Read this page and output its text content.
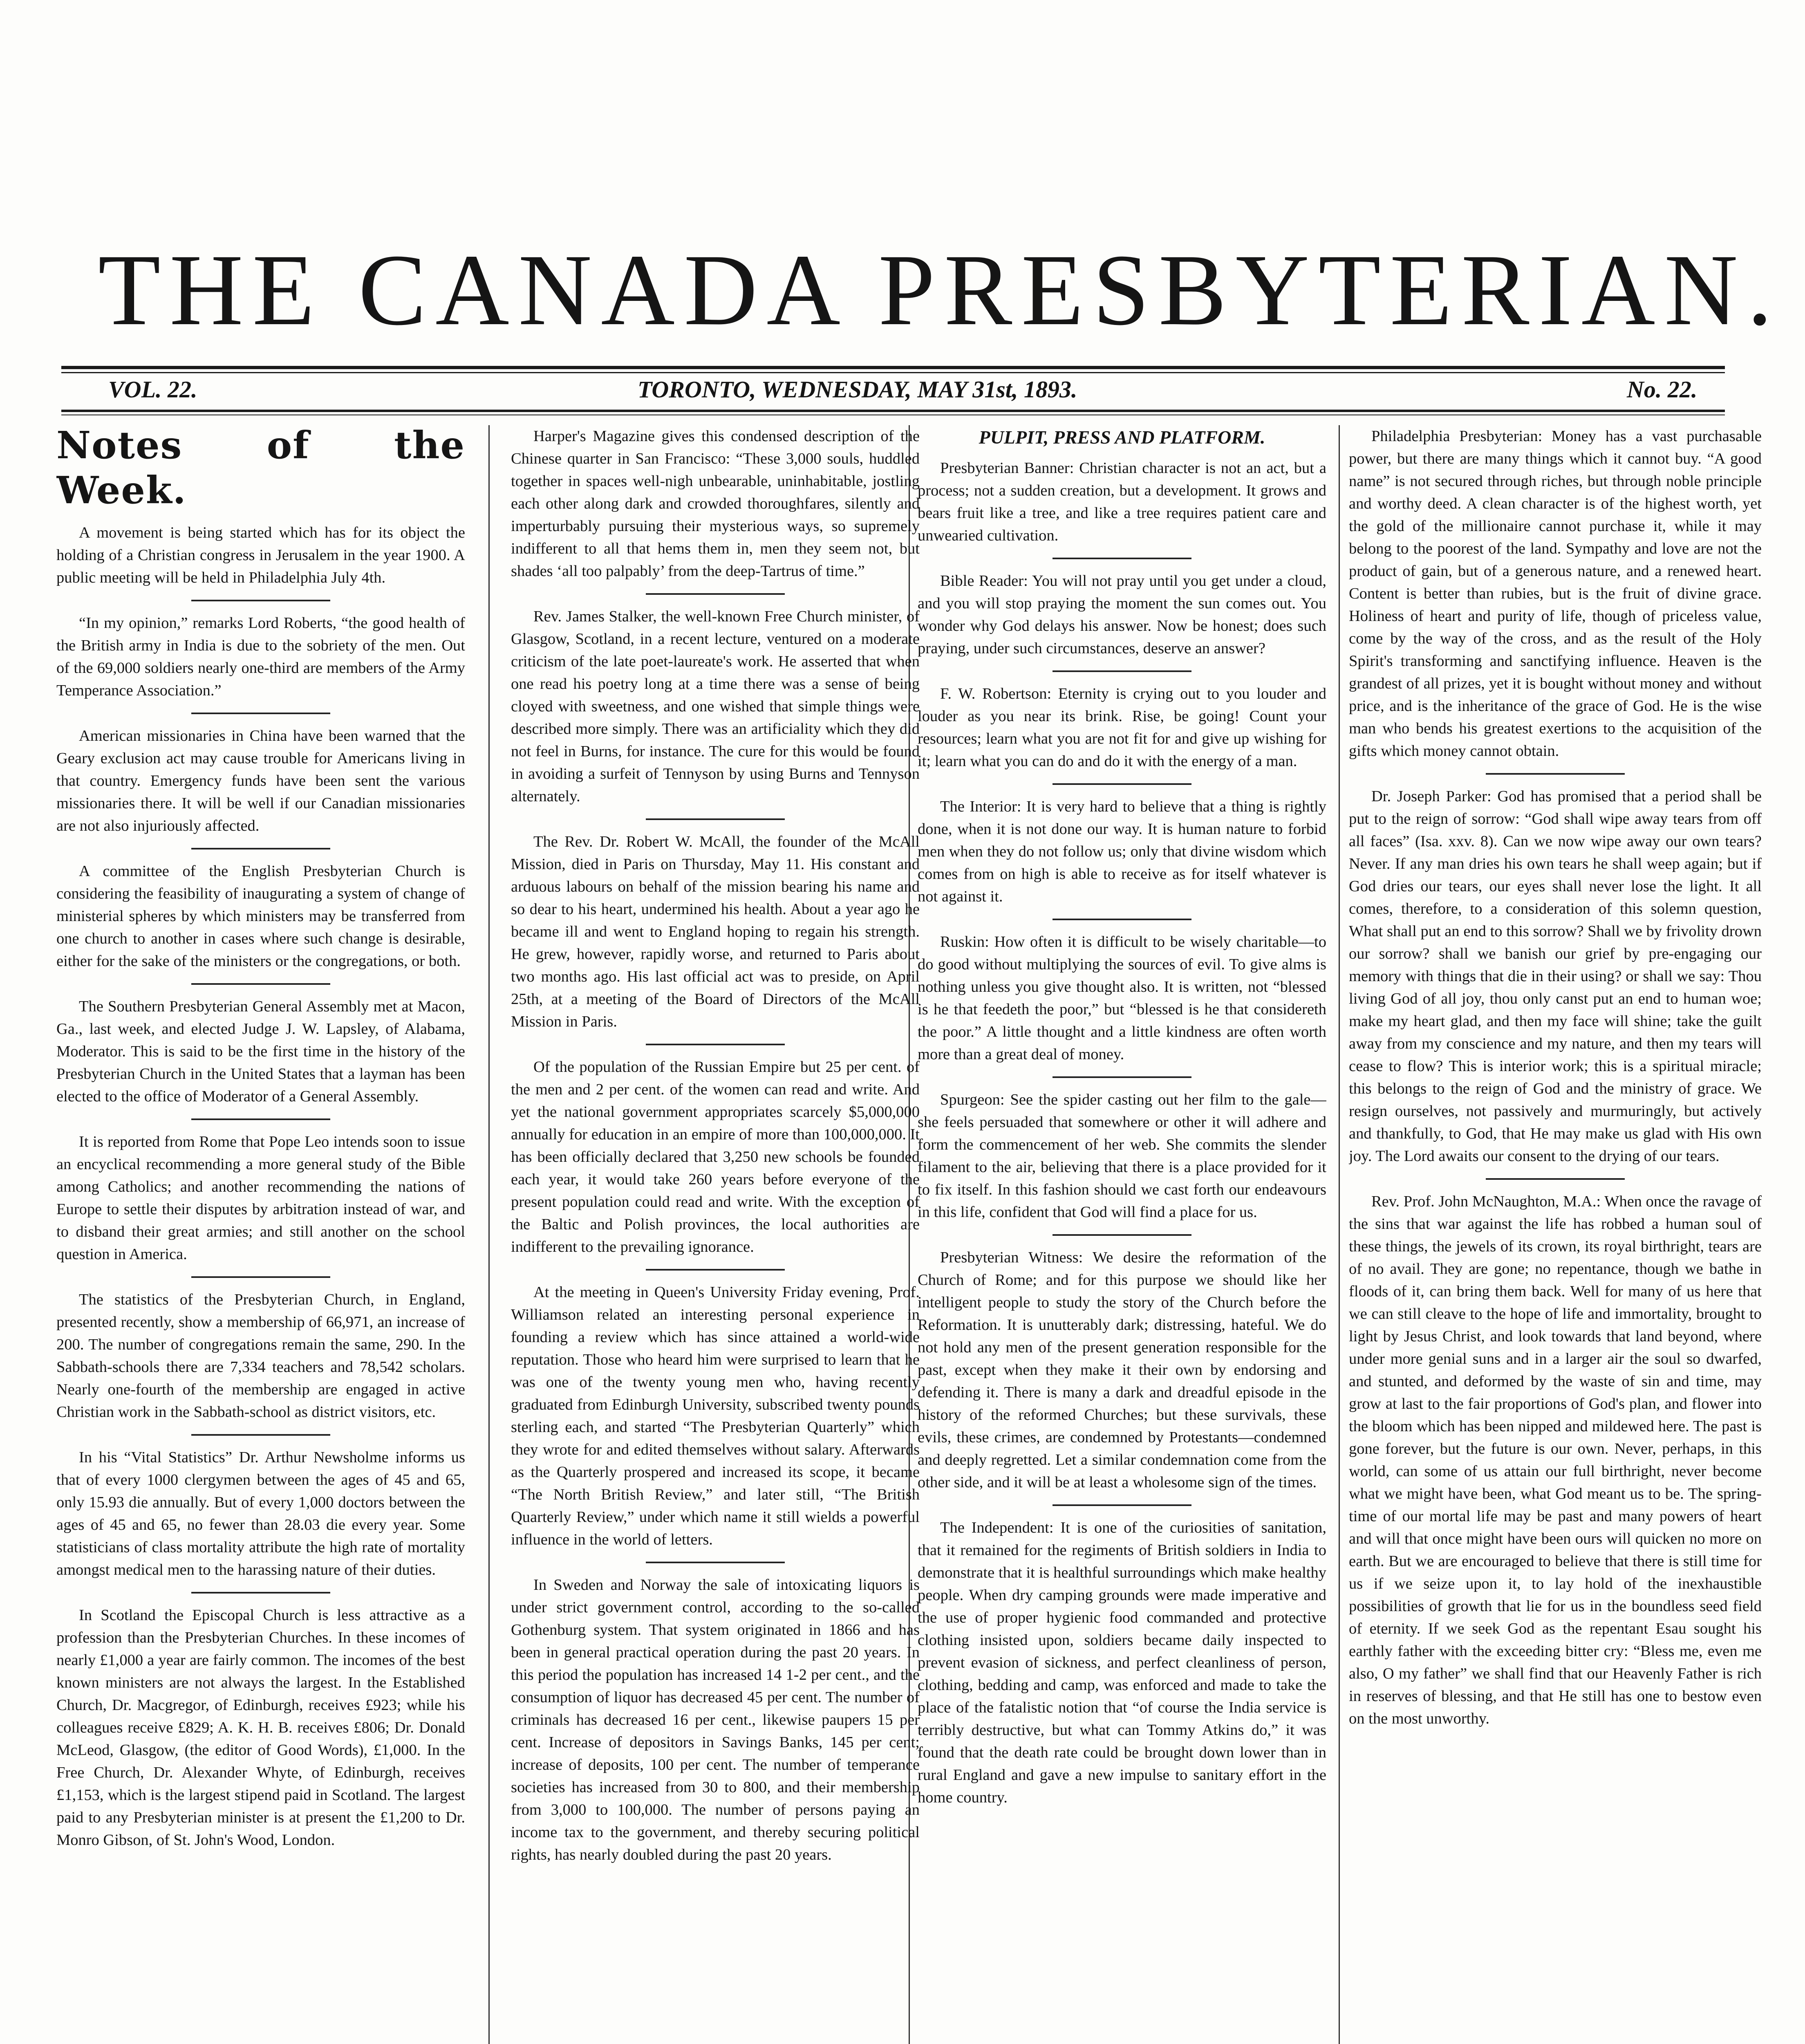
THE CANADA PRESBYTERIAN.
VOL. 22.	TORONTO, WEDNESDAY, MAY 31st, 1893.	No. 22.

Notes of the Week.

A movement is being started which has for its object the holding of a Christian congress in Jerusalem in the year 1900. A public meeting will be held in Philadelphia July 4th.

“In my opinion,” remarks Lord Roberts, “the good health of the British army in India is due to the sobriety of the men. Out of the 69,000 soldiers nearly one-third are members of the Army Temperance Association.”

American missionaries in China have been warned that the Geary exclusion act may cause trouble for Americans living in that country. Emergency funds have been sent the various missionaries there. It will be well if our Canadian missionaries are not also injuriously affected.

A committee of the English Presbyterian Church is considering the feasibility of inaugurating a system of change of ministerial spheres by which ministers may be transferred from one church to another in cases where such change is desirable, either for the sake of the ministers or the congregations, or both.

The Southern Presbyterian General Assembly met at Macon, Ga., last week, and elected Judge J. W. Lapsley, of Alabama, Moderator. This is said to be the first time in the history of the Presbyterian Church in the United States that a layman has been elected to the office of Moderator of a General Assembly.

It is reported from Rome that Pope Leo intends soon to issue an encyclical recommending a more general study of the Bible among Catholics; and another recommending the nations of Europe to settle their disputes by arbitration instead of war, and to disband their great armies; and still another on the school question in America.

The statistics of the Presbyterian Church, in England, presented recently, show a membership of 66,971, an increase of 200. The number of congregations remain the same, 290. In the Sabbath-schools there are 7,334 teachers and 78,542 scholars. Nearly one-fourth of the membership are engaged in active Christian work in the Sabbath-school as district visitors, etc.

In his “Vital Statistics” Dr. Arthur Newsholme informs us that of every 1000 clergymen between the ages of 45 and 65, only 15.93 die annually. But of every 1,000 doctors between the ages of 45 and 65, no fewer than 28.03 die every year. Some statisticians of class mortality attribute the high rate of mortality amongst medical men to the harassing nature of their duties.

In Scotland the Episcopal Church is less attractive as a profession than the Presbyterian Churches. In these incomes of nearly £1,000 a year are fairly common. The incomes of the best known ministers are not always the largest. In the Established Church, Dr. Macgregor, of Edinburgh, receives £923; while his colleagues receive £829; A. K. H. B. receives £806; Dr. Donald McLeod, Glasgow, (the editor of Good Words), £1,000. In the Free Church, Dr. Alexander Whyte, of Edinburgh, receives £1,153, which is the largest stipend paid in Scotland. The largest paid to any Presbyterian minister is at present the £1,200 to Dr. Monro Gibson, of St. John's Wood, London.

Harper's Magazine gives this condensed description of the Chinese quarter in San Francisco: “These 3,000 souls, huddled together in spaces well-nigh unbearable, uninhabitable, jostling each other along dark and crowded thoroughfares, silently and imperturbably pursuing their mysterious ways, so supremely indifferent to all that hems them in, men they seem not, but shades ‘all too palpably’ from the deep-Tartrus of time.”

Rev. James Stalker, the well-known Free Church minister, of Glasgow, Scotland, in a recent lecture, ventured on a moderate criticism of the late poet-laureate's work. He asserted that when one read his poetry long at a time there was a sense of being cloyed with sweetness, and one wished that simple things were described more simply. There was an artificiality which they did not feel in Burns, for instance. The cure for this would be found in avoiding a surfeit of Tennyson by using Burns and Tennyson alternately.

The Rev. Dr. Robert W. McAll, the founder of the McAll Mission, died in Paris on Thursday, May 11. His constant and arduous labours on behalf of the mission bearing his name and so dear to his heart, undermined his health. About a year ago he became ill and went to England hoping to regain his strength. He grew, however, rapidly worse, and returned to Paris about two months ago. His last official act was to preside, on April 25th, at a meeting of the Board of Directors of the McAll Mission in Paris.

Of the population of the Russian Empire but 25 per cent. of the men and 2 per cent. of the women can read and write. And yet the national government appropriates scarcely $5,000,000 annually for education in an empire of more than 100,000,000. It has been officially declared that 3,250 new schools be founded each year, it would take 260 years before everyone of the present population could read and write. With the exception of the Baltic and Polish provinces, the local authorities are indifferent to the prevailing ignorance.

At the meeting in Queen's University Friday evening, Prof. Williamson related an interesting personal experience in founding a review which has since attained a world-wide reputation. Those who heard him were surprised to learn that he was one of the twenty young men who, having recently graduated from Edinburgh University, subscribed twenty pounds sterling each, and started “The Presbyterian Quarterly” which they wrote for and edited themselves without salary. Afterwards as the Quarterly prospered and increased its scope, it became “The North British Review,” and later still, “The British Quarterly Review,” under which name it still wields a powerful influence in the world of letters.

In Sweden and Norway the sale of intoxicating liquors is under strict government control, according to the so-called Gothenburg system. That system originated in 1866 and has been in general practical operation during the past 20 years. In this period the population has increased 14 1-2 per cent., and the consumption of liquor has decreased 45 per cent. The number of criminals has decreased 16 per cent., likewise paupers 15 per cent. Increase of depositors in Savings Banks, 145 per cent; increase of deposits, 100 per cent. The number of temperance societies has increased from 30 to 800, and their membership from 3,000 to 100,000. The number of persons paying an income tax to the government, and thereby securing political rights, has nearly doubled during the past 20 years.

PULPIT, PRESS AND PLATFORM.

Presbyterian Banner: Christian character is not an act, but a process; not a sudden creation, but a development. It grows and bears fruit like a tree, and like a tree requires patient care and unwearied cultivation.

Bible Reader: You will not pray until you get under a cloud, and you will stop praying the moment the sun comes out. You wonder why God delays his answer. Now be honest; does such praying, under such circumstances, deserve an answer?

F. W. Robertson: Eternity is crying out to you louder and louder as you near its brink. Rise, be going! Count your resources; learn what you are not fit for and give up wishing for it; learn what you can do and do it with the energy of a man.

The Interior: It is very hard to believe that a thing is rightly done, when it is not done our way. It is human nature to forbid men when they do not follow us; only that divine wisdom which comes from on high is able to receive as for itself whatever is not against it.

Ruskin: How often it is difficult to be wisely charitable—to do good without multiplying the sources of evil. To give alms is nothing unless you give thought also. It is written, not “blessed is he that feedeth the poor,” but “blessed is he that considereth the poor.” A little thought and a little kindness are often worth more than a great deal of money.

Spurgeon: See the spider casting out her film to the gale—she feels persuaded that somewhere or other it will adhere and form the commencement of her web. She commits the slender filament to the air, believing that there is a place provided for it to fix itself. In this fashion should we cast forth our endeavours in this life, confident that God will find a place for us.

Presbyterian Witness: We desire the reformation of the Church of Rome; and for this purpose we should like her intelligent people to study the story of the Church before the Reformation. It is unutterably dark; distressing, hateful. We do not hold any men of the present generation responsible for the past, except when they make it their own by endorsing and defending it. There is many a dark and dreadful episode in the history of the reformed Churches; but these survivals, these evils, these crimes, are condemned by Protestants—condemned and deeply regretted. Let a similar condemnation come from the other side, and it will be at least a wholesome sign of the times.

The Independent: It is one of the curiosities of sanitation, that it remained for the regiments of British soldiers in India to demonstrate that it is healthful surroundings which make healthy people. When dry camping grounds were made imperative and the use of proper hygienic food commanded and protective clothing insisted upon, soldiers became daily inspected to prevent evasion of sickness, and perfect cleanliness of person, clothing, bedding and camp, was enforced and made to take the place of the fatalistic notion that “of course the India service is terribly destructive, but what can Tommy Atkins do,” it was found that the death rate could be brought down lower than in rural England and gave a new impulse to sanitary effort in the home country.

Philadelphia Presbyterian: Money has a vast purchasable power, but there are many things which it cannot buy. “A good name” is not secured through riches, but through noble principle and worthy deed. A clean character is of the highest worth, yet the gold of the millionaire cannot purchase it, while it may belong to the poorest of the land. Sympathy and love are not the product of gain, but of a generous nature, and a renewed heart. Content is better than rubies, but is the fruit of divine grace. Holiness of heart and purity of life, though of priceless value, come by the way of the cross, and as the result of the Holy Spirit's transforming and sanctifying influence. Heaven is the grandest of all prizes, yet it is bought without money and without price, and is the inheritance of the grace of God. He is the wise man who bends his greatest exertions to the acquisition of the gifts which money cannot obtain.

Dr. Joseph Parker: God has promised that a period shall be put to the reign of sorrow: “God shall wipe away tears from off all faces” (Isa. xxv. 8). Can we now wipe away our own tears? Never. If any man dries his own tears he shall weep again; but if God dries our tears, our eyes shall never lose the light. It all comes, therefore, to a consideration of this solemn question, What shall put an end to this sorrow? Shall we by frivolity drown our sorrow? shall we banish our grief by pre-engaging our memory with things that die in their using? or shall we say: Thou living God of all joy, thou only canst put an end to human woe; make my heart glad, and then my face will shine; take the guilt away from my conscience and my nature, and then my tears will cease to flow? This is interior work; this is a spiritual miracle; this belongs to the reign of God and the ministry of grace. We resign ourselves, not passively and murmuringly, but actively and thankfully, to God, that He may make us glad with His own joy. The Lord awaits our consent to the drying of our tears.

Rev. Prof. John McNaughton, M.A.: When once the ravage of the sins that war against the life has robbed a human soul of these things, the jewels of its crown, its royal birthright, tears are of no avail. They are gone; no repentance, though we bathe in floods of it, can bring them back. Well for many of us here that we can still cleave to the hope of life and immortality, brought to light by Jesus Christ, and look towards that land beyond, where under more genial suns and in a larger air the soul so dwarfed, and stunted, and deformed by the waste of sin and time, may grow at last to the fair proportions of God's plan, and flower into the bloom which has been nipped and mildewed here. The past is gone forever, but the future is our own. Never, perhaps, in this world, can some of us attain our full birthright, never become what we might have been, what God meant us to be. The spring-time of our mortal life may be past and many powers of heart and will that once might have been ours will quicken no more on earth. But we are encouraged to believe that there is still time for us if we seize upon it, to lay hold of the inexhaustible possibilities of growth that lie for us in the boundless seed field of eternity. If we seek God as the repentant Esau sought his earthly father with the exceeding bitter cry: “Bless me, even me also, O my father” we shall find that our Heavenly Father is rich in reserves of blessing, and that He still has one to bestow even on the most unworthy.
